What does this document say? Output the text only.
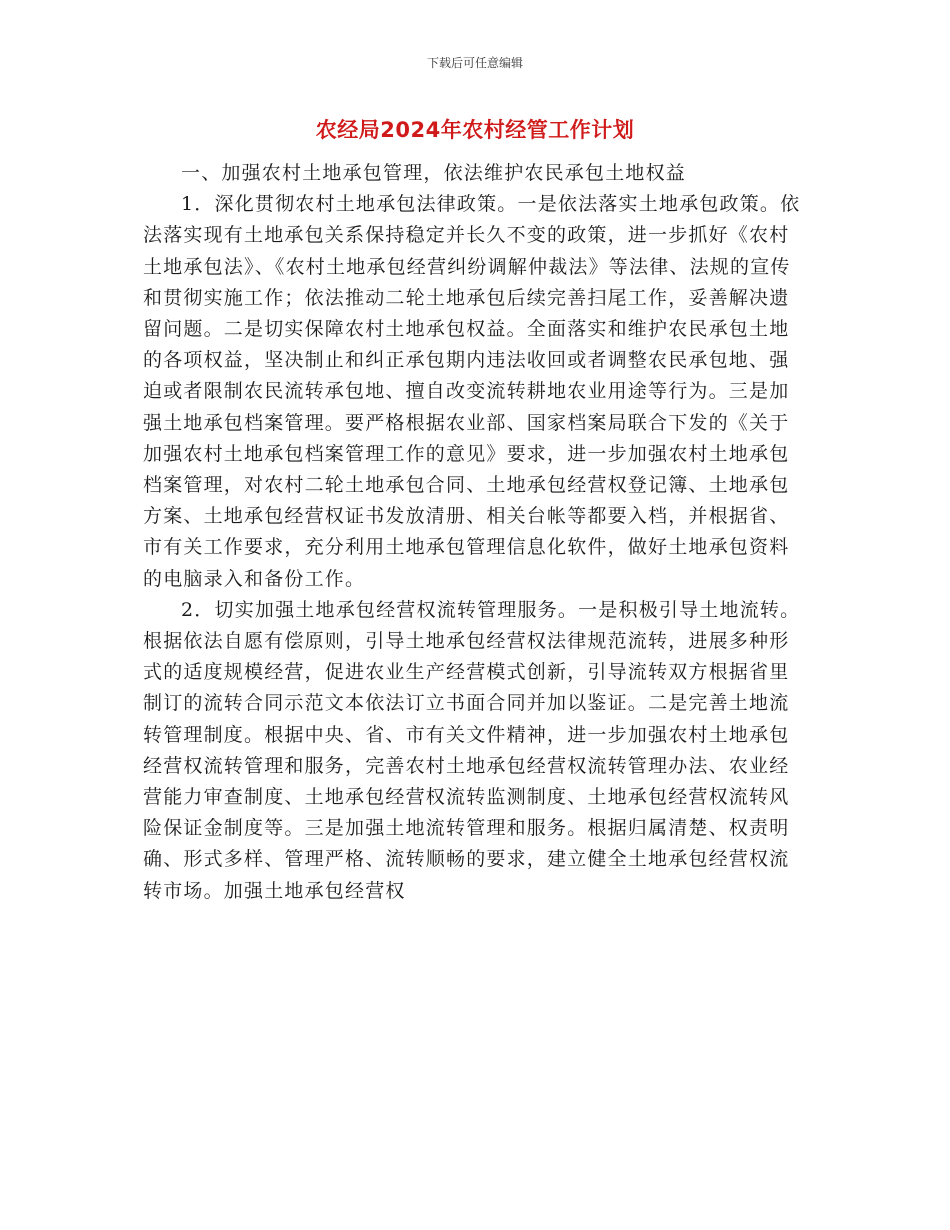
下载后可任意编辑
农经局2024年农村经管工作计划

一、加强农村土地承包管理，依法维护农民承包土地权益

1．深化贯彻农村土地承包法律政策。一是依法落实土地承包政策。依法落实现有土地承包关系保持稳定并长久不变的政策，进一步抓好《农村土地承包法》、《农村土地承包经营纠纷调解仲裁法》等法律、法规的宣传和贯彻实施工作；依法推动二轮土地承包后续完善扫尾工作，妥善解决遗留问题。二是切实保障农村土地承包权益。全面落实和维护农民承包土地的各项权益，坚决制止和纠正承包期内违法收回或者调整农民承包地、强迫或者限制农民流转承包地、擅自改变流转耕地农业用途等行为。三是加强土地承包档案管理。要严格根据农业部、国家档案局联合下发的《关于加强农村土地承包档案管理工作的意见》要求，进一步加强农村土地承包档案管理，对农村二轮土地承包合同、土地承包经营权登记簿、土地承包方案、土地承包经营权证书发放清册、相关台帐等都要入档，并根据省、市有关工作要求，充分利用土地承包管理信息化软件，做好土地承包资料的电脑录入和备份工作。

2．切实加强土地承包经营权流转管理服务。一是积极引导土地流转。根据依法自愿有偿原则，引导土地承包经营权法律规范流转，进展多种形式的适度规模经营，促进农业生产经营模式创新，引导流转双方根据省里制订的流转合同示范文本依法订立书面合同并加以鉴证。二是完善土地流转管理制度。根据中央、省、市有关文件精神，进一步加强农村土地承包经营权流转管理和服务，完善农村土地承包经营权流转管理办法、农业经营能力审查制度、土地承包经营权流转监测制度、土地承包经营权流转风险保证金制度等。三是加强土地流转管理和服务。根据归属清楚、权责明确、形式多样、管理严格、流转顺畅的要求，建立健全土地承包经营权流转市场。加强土地承包经营权
